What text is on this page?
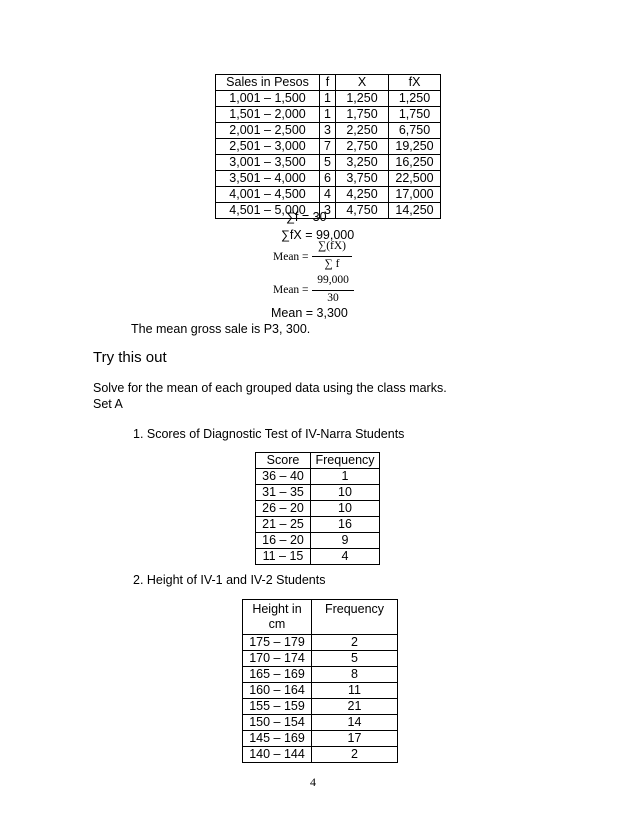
Sales in Pesos	f	X	fX
1,001 – 1,500	1	1,250	1,250
1,501 – 2,000	1	1,750	1,750
2,001 – 2,500	3	2,250	6,750
2,501 – 3,000	7	2,750	19,250
3,001 – 3,500	5	3,250	16,250
3,501 – 4,000	6	3,750	22,500
4,001 – 4,500	4	4,250	17,000
4,501 – 5,000	3	4,750	14,250
∑f = 30
∑fX = 99,000
Mean =
∑(fX)
∑ f
Mean =
99,000
30
Mean = 3,300
The mean gross sale is P3, 300.
Try this out
Solve for the mean of each grouped data using the class marks.
Set A
1. Scores of Diagnostic Test of IV-Narra Students
Score	Frequency
36 – 40	1
31 – 35	10
26 – 20	10
21 – 25	16
16 – 20	9
11 – 15	4
2. Height of IV-1 and IV-2 Students
Height in
cm	Frequency
175 – 179	2
170 – 174	5
165 – 169	8
160 – 164	11
155 – 159	21
150 – 154	14
145 – 169	17
140 – 144	2
4
